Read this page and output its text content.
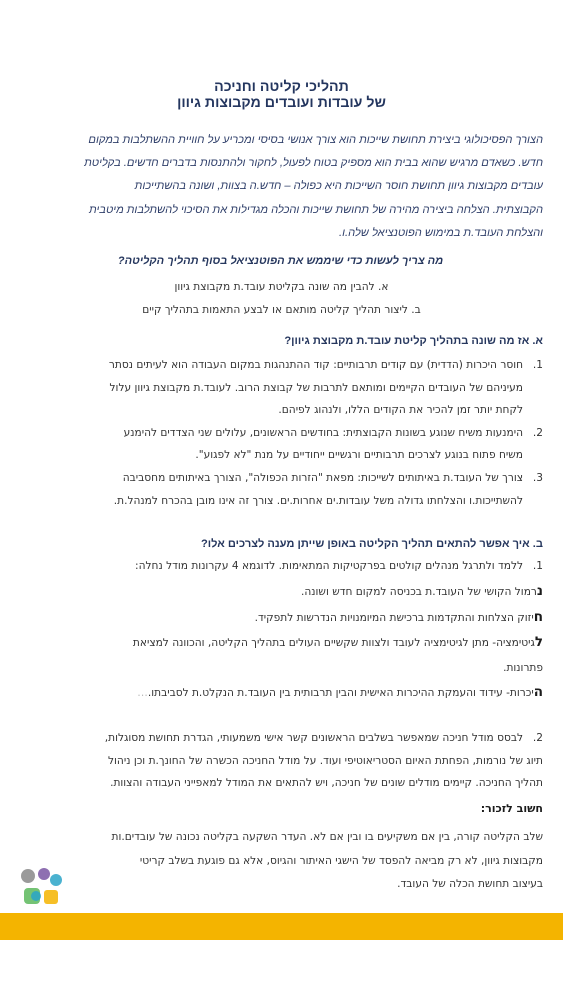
תהליכי קליטה וחניכה
של עובדות ועובדים מקבוצות גיוון
הצורך הפסיכולוגי ביצירת תחושת שייכות הוא צורך אנושי בסיסי ומכריע על חוויית ההשתלבות במקום
חדש. כשאדם מרגיש שהוא בבית הוא מספיק בטוח לפעול, לחקור ולהתנסות בדברים חדשים. בקליטת
עובדים מקבוצות גיוון תחושת חוסר השייכות היא כפולה – חדש.ה בצוות, ושונה בהשתייכות
הקבוצתית. הצלחה ביצירה מהירה של תחושת שייכות והכלה מגדילות את הסיכוי להשתלבות מיטבית
והצלחת העובד.ת במימוש הפוטנציאל שלה.ו.
מה צריך לעשות כדי שיממש את הפוטנציאל בסוף תהליך הקליטה?
א. להבין מה שונה בקליטת עובד.ת מקבוצת גיוון
ב. ליצור תהליך קליטה מותאם או לבצע התאמות בתהליך קיים
א. אז מה שונה בתהליך קליטת עובד.ת מקבוצת גיוון?
1.
חוסר היכרות (הדדית) עם קודים תרבותיים: קוד ההתנהגות במקום העבודה הוא לעיתים נסתר
מעיניהם של העובדים הקיימים ומותאם לתרבות של קבוצת הרוב. לעובד.ת מקבוצת גיוון עלול
לקחת יותר זמן להכיר את הקודים הללו, ולנהוג לפיהם.
2.
הימנעות משיח שנוגע בשונות הקבוצתית: בחודשים הראשונים, עלולים שני הצדדים להימנע
משיח פתוח בנוגע לצרכים תרבותיים ורגשיים ייחודיים על מנת "לא לפגוע".
3.
צורך של העובד.ת באיתותים לשייכות: מפאת "הזרות הכפולה", הצורך באיתותים מחסביבה
להשתייכות.ו והצלחתו גדולה משל עובדות.ים אחרות.ים. צורך זה אינו מובן בהכרח למנהל.ת.
ב. איך אפשר להתאים תהליך הקליטה באופן שייתן מענה לצרכים אלו?
1.
ללמד ולתרגל מנהלים קולטים בפרקטיקות המתאימות. לדוגמא 4 עקרונות מודל נחלה:
נרמול הקושי של העובד.ת בכניסה למקום חדש ושונה.
חיזוק הצלחות והתקדמות ברכישת המיומנויות הנדרשות לתפקיד.
לגיטימציה- מתן לגיטימציה לעובד ולצוות שקשיים העולים בתהליך הקליטה, והכוונה למציאת
פתרונות.
היכרות- עידוד והעמקת ההיכרות האישית והבין תרבותית בין העובד.ת הנקלט.ת לסביבתו.…
2.
לבסס מודל חניכה שמאפשר בשלבים הראשונים קשר אישי משמעותי, הגדרת תחושת מסוגלות,
תיוג של נורמות, הפחתת האיום הסטריאוטיפי ועוד. על מודל החניכה הכשרה של החונך.ת וכן ניהול
תהליך החניכה. קיימים מודלים שונים של חניכה, ויש להתאים את המודל למאפייני העבודה והצוות.
חשוב לזכור:
שלב הקליטה קורה, בין אם משקיעים בו ובין אם לא. העדר השקעה בקליטה נכונה של עובדים.ות
מקבוצות גיוון, לא רק מביאה להפסד של הישגי האיתור והגיוס, אלא גם פוגעת בשלב קריטי
בעיצוב תחושת הכלה של העובד.
